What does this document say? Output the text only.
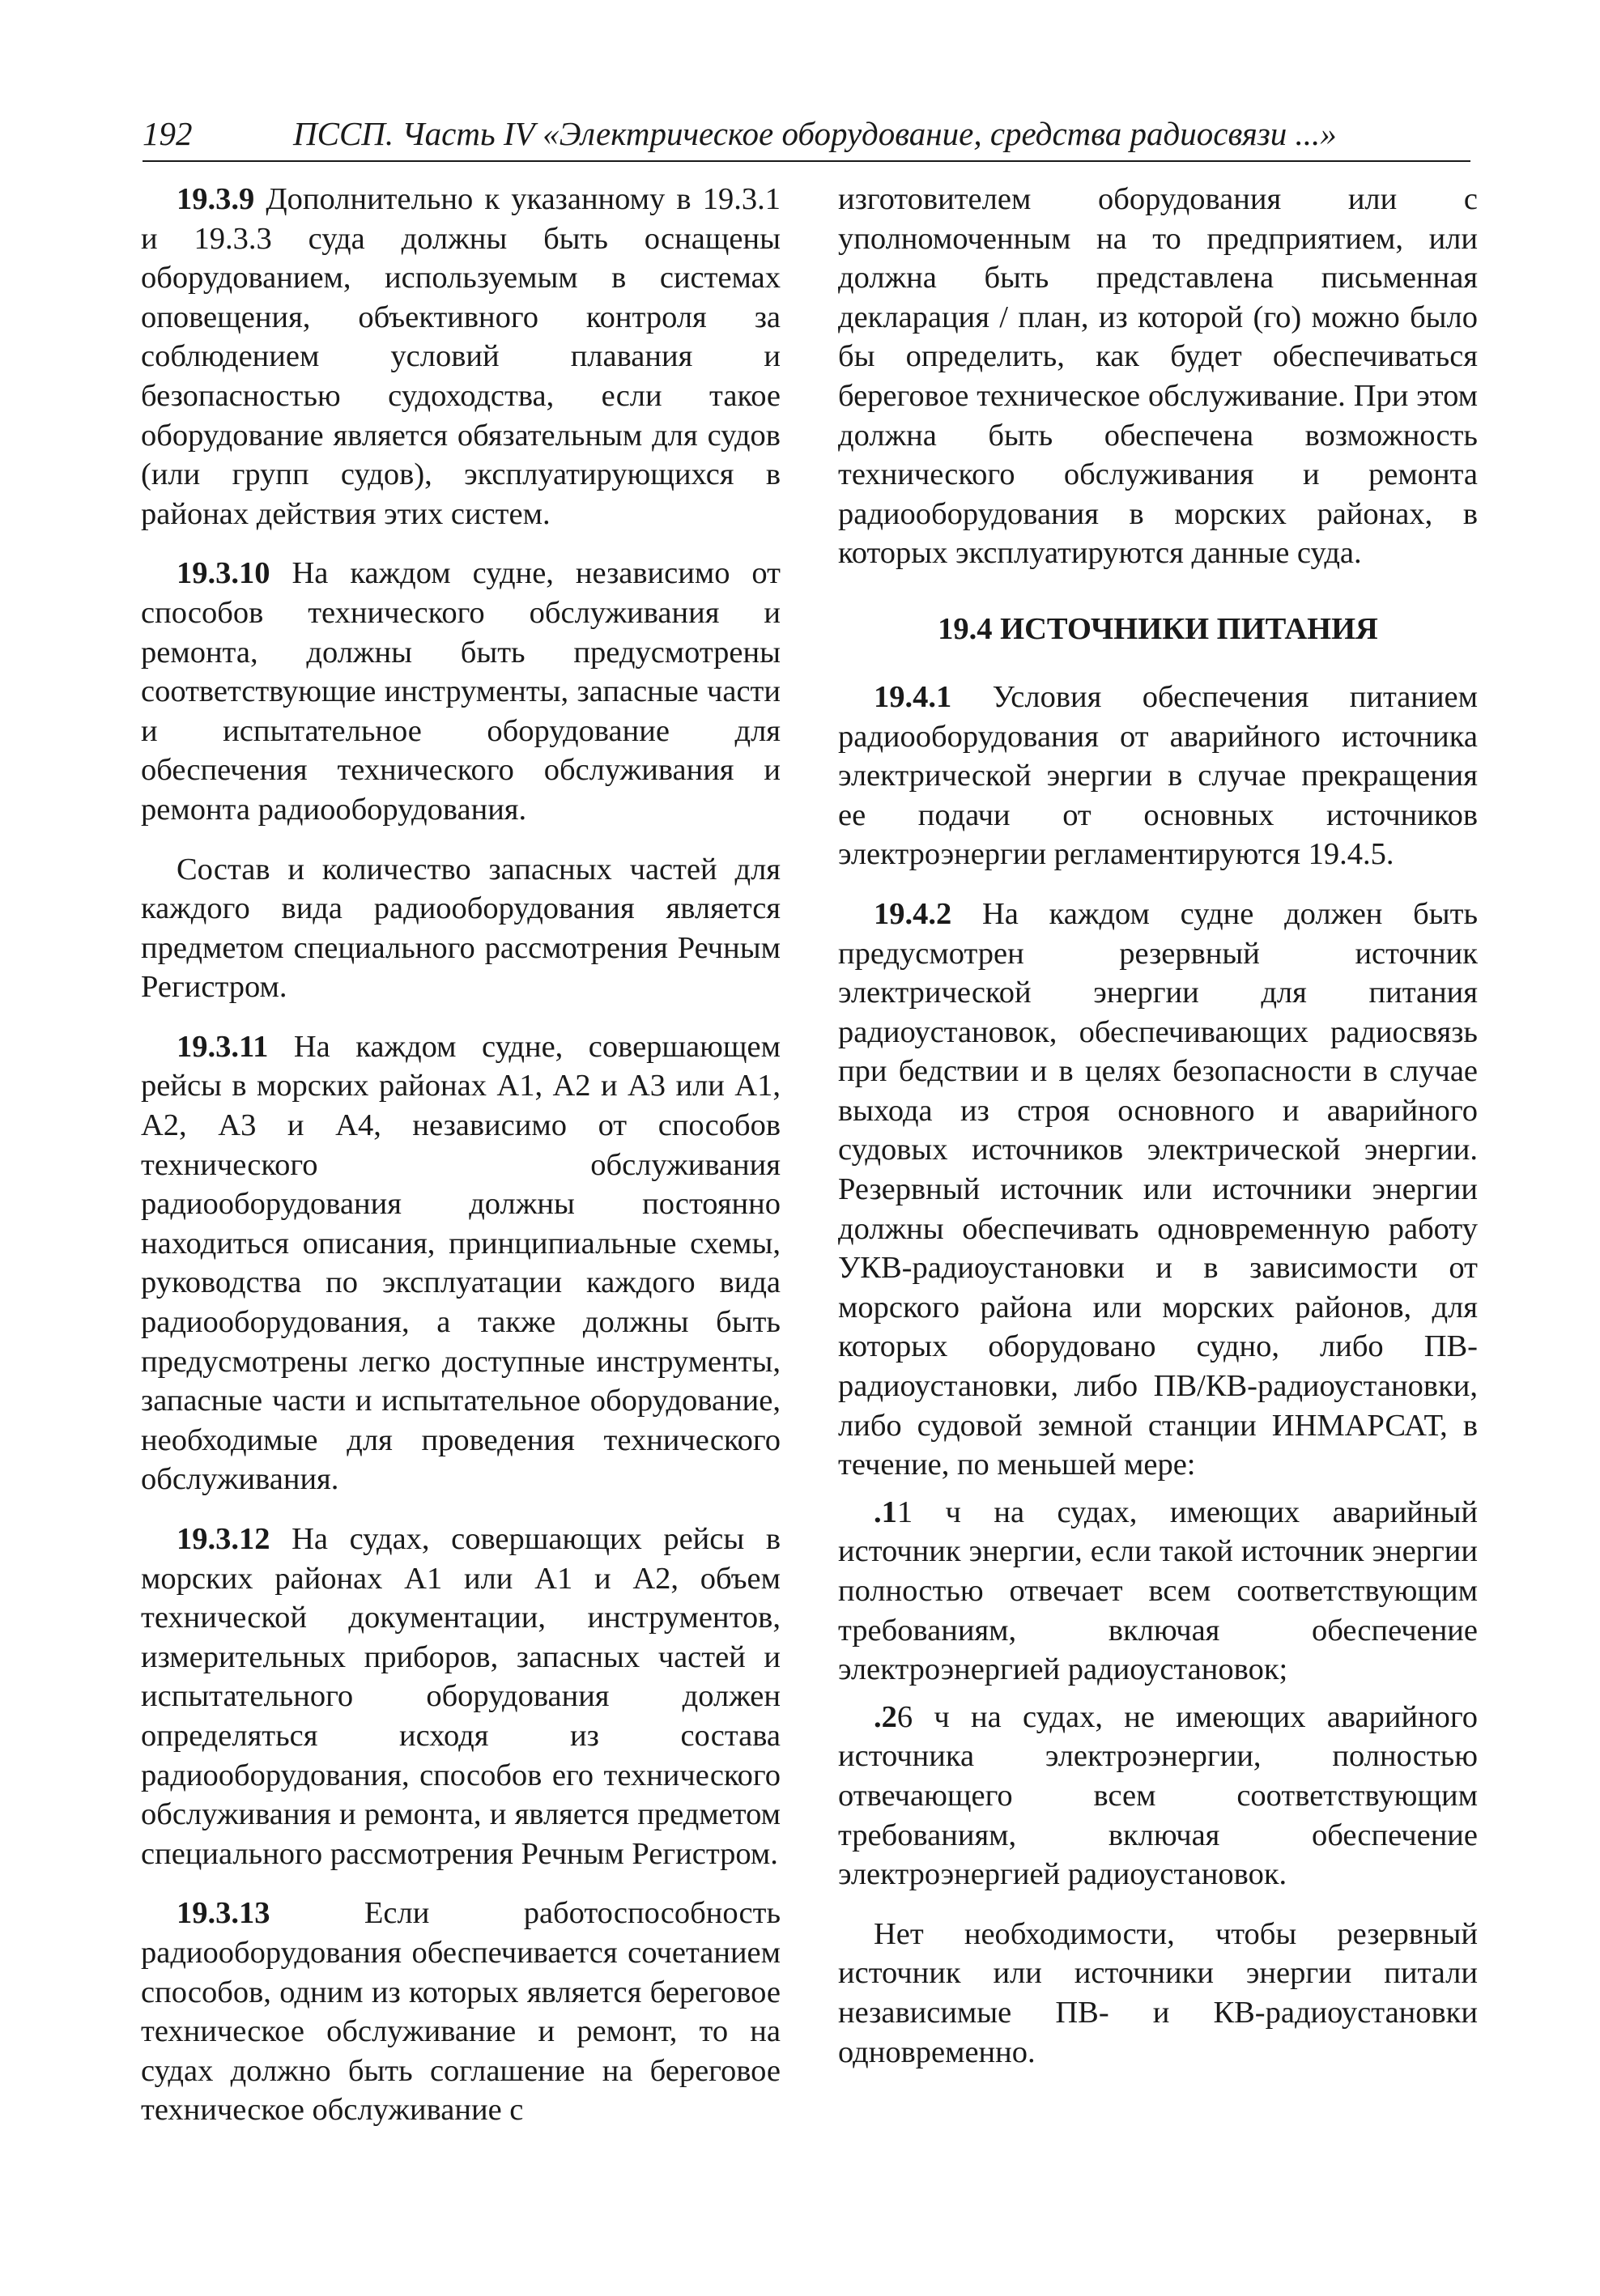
192	ПССП. Часть IV «Электрическое оборудование, средства радиосвязи ...»

19.3.9 Дополнительно к указанному в 19.3.1 и 19.3.3 суда должны быть оснащены оборудованием, используемым в системах оповещения, объективного контроля за соблюдением условий плавания и безопасностью судоходства, если такое оборудование является обязательным для судов (или групп судов), эксплуатирующихся в районах действия этих систем.

19.3.10 На каждом судне, независимо от способов технического обслуживания и ремонта, должны быть предусмотрены соответствующие инструменты, запасные части и испытательное оборудование для обеспечения технического обслуживания и ремонта радиооборудования.

Состав и количество запасных частей для каждого вида радиооборудования является предметом специального рассмотрения Речным Регистром.

19.3.11 На каждом судне, совершающем рейсы в морских районах А1, А2 и А3 или А1, А2, А3 и А4, независимо от способов технического обслуживания радиооборудования должны постоянно находиться описания, принципиальные схемы, руководства по эксплуатации каждого вида радиооборудования, а также должны быть предусмотрены легко доступные инструменты, запасные части и испытательное оборудование, необходимые для проведения технического обслуживания.

19.3.12 На судах, совершающих рейсы в морских районах А1 или А1 и А2, объем технической документации, инструментов, измерительных приборов, запасных частей и испытательного оборудования должен определяться исходя из состава радиооборудования, способов его технического обслуживания и ремонта, и является предметом специального рассмотрения Речным Регистром.

19.3.13	Если работоспособность радиооборудования обеспечивается сочетанием способов, одним из которых является береговое техническое обслуживание и ремонт, то на судах должно быть соглашение на береговое техническое обслуживание с

изготовителем оборудования или с уполномоченным на то предприятием, или должна быть представлена письменная декларация / план, из которой (го) можно было бы определить, как будет обеспечиваться береговое техническое обслуживание. При этом должна быть обеспечена возможность технического обслуживания и ремонта радиооборудования в морских районах, в которых эксплуатируются данные суда.

19.4 ИСТОЧНИКИ ПИТАНИЯ

19.4.1 Условия обеспечения питанием радиооборудования от аварийного источника электрической энергии в случае прекращения ее подачи от основных источников электроэнергии регламентируются 19.4.5.

19.4.2 На каждом судне должен быть предусмотрен резервный источник электрической энергии для питания радиоустановок, обеспечивающих радиосвязь при бедствии и в целях безопасности в случае выхода из строя основного и аварийного судовых источников электрической энергии. Резервный источник или источники энергии должны обеспечивать одновременную работу УКВ-радиоустановки и в зависимости от морского района или морских районов, для которых оборудовано судно, либо ПВ-радиоустановки, либо ПВ/КВ-радиоустановки, либо судовой земной станции ИНМАРСАТ, в течение, по меньшей мере:

.11 ч на судах, имеющих аварийный источник энергии, если такой источник энергии полностью отвечает всем соответствующим требованиям, включая обеспечение электроэнергией радиоустановок;

.26 ч на судах, не имеющих аварийного источника электроэнергии, полностью отвечающего всем соответствующим требованиям, включая обеспечение электроэнергией радиоустановок.

Нет необходимости, чтобы резервный источник или источники энергии питали независимые ПВ- и КВ-радиоустановки одновременно.
